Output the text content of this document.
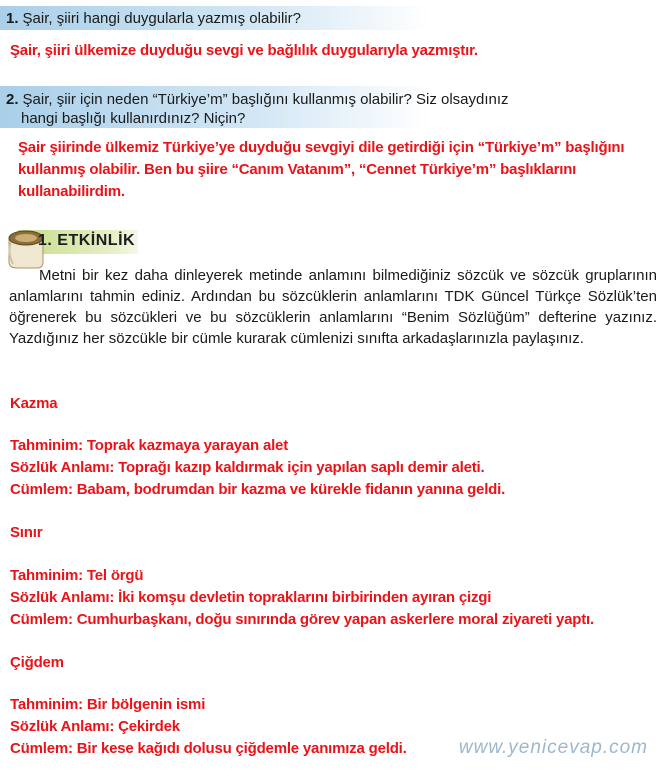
1. Şair, şiiri hangi duygularla yazmış olabilir?
Şair, şiiri ülkemize duyduğu sevgi ve bağlılık duygularıyla yazmıştır.
2. Şair, şiir için neden “Türkiye’m” başlığını kullanmış olabilir? Siz olsaydınız
hangi başlığı kullanırdınız? Niçin?
Şair şiirinde ülkemiz Türkiye’ye duyduğu sevgiyi dile getirdiği için “Türkiye’m” başlığını
kullanmış olabilir. Ben bu şiire “Canım Vatanım”, “Cennet Türkiye’m” başlıklarını
kullanabilirdim.
1. ETKİNLİK
Metni bir kez daha dinleyerek metinde anlamını bilmediğiniz sözcük ve sözcük gruplarının anlamlarını tahmin ediniz. Ardından bu sözcüklerin anlamlarını TDK Güncel Türkçe Sözlük’ten öğrenerek bu sözcükleri ve bu sözcüklerin anlamlarını “Benim Sözlüğüm” defterine yazınız. Yazdığınız her sözcükle bir cümle kurarak cümlenizi sınıfta arkadaşlarınızla paylaşınız.
Kazma
Tahminim: Toprak kazmaya yarayan alet
Sözlük Anlamı: Toprağı kazıp kaldırmak için yapılan saplı demir aleti.
Cümlem: Babam, bodrumdan bir kazma ve kürekle fidanın yanına geldi.
Sınır
Tahminim: Tel örgü
Sözlük Anlamı: İki komşu devletin topraklarını birbirinden ayıran çizgi
Cümlem: Cumhurbaşkanı, doğu sınırında görev yapan askerlere moral ziyareti yaptı.
Çiğdem
Tahminim: Bir bölgenin ismi
Sözlük Anlamı: Çekirdek
Cümlem: Bir kese kağıdı dolusu çiğdemle yanımıza geldi.	www.yenicevap.com
